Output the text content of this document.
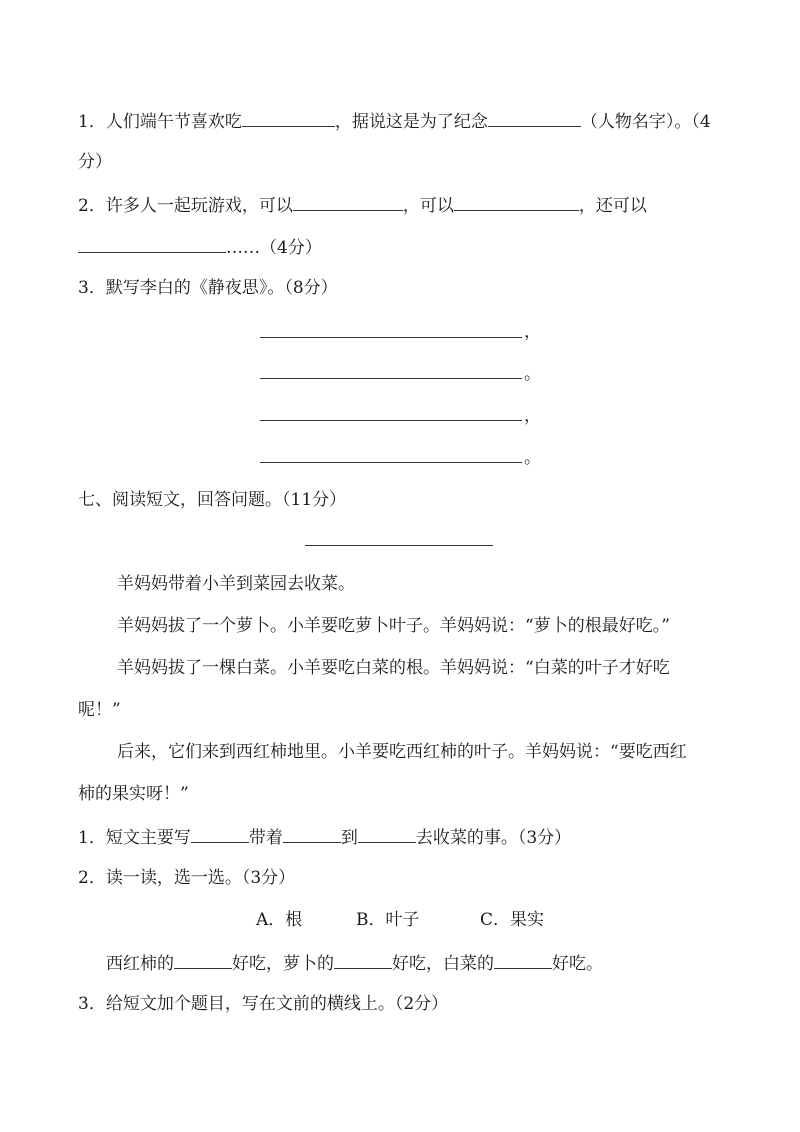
1．人们端午节喜欢吃	，据说这是为了纪念	（人物名字）。（4
分）
2．许多人一起玩游戏，可以	，可以	，还可以
……（4分）
3．默写李白的《静夜思》。（8分）
，
。
，
。
七、阅读短文，回答问题。（11分）
羊妈妈带着小羊到菜园去收菜。
羊妈妈拔了一个萝卜。小羊要吃萝卜叶子。羊妈妈说：“萝卜的根最好吃。”
羊妈妈拔了一棵白菜。小羊要吃白菜的根。羊妈妈说：“白菜的叶子才好吃
呢！”
后来，它们来到西红柿地里。小羊要吃西红柿的叶子。羊妈妈说：“要吃西红
柿的果实呀！”
1．短文主要写	带着	到	去收菜的事。（3分）
2．读一读，选一选。（3分）
A．根	B．叶子	C．果实
西红柿的	好吃，萝卜的	好吃，白菜的	好吃。
3．给短文加个题目，写在文前的横线上。（2分）
